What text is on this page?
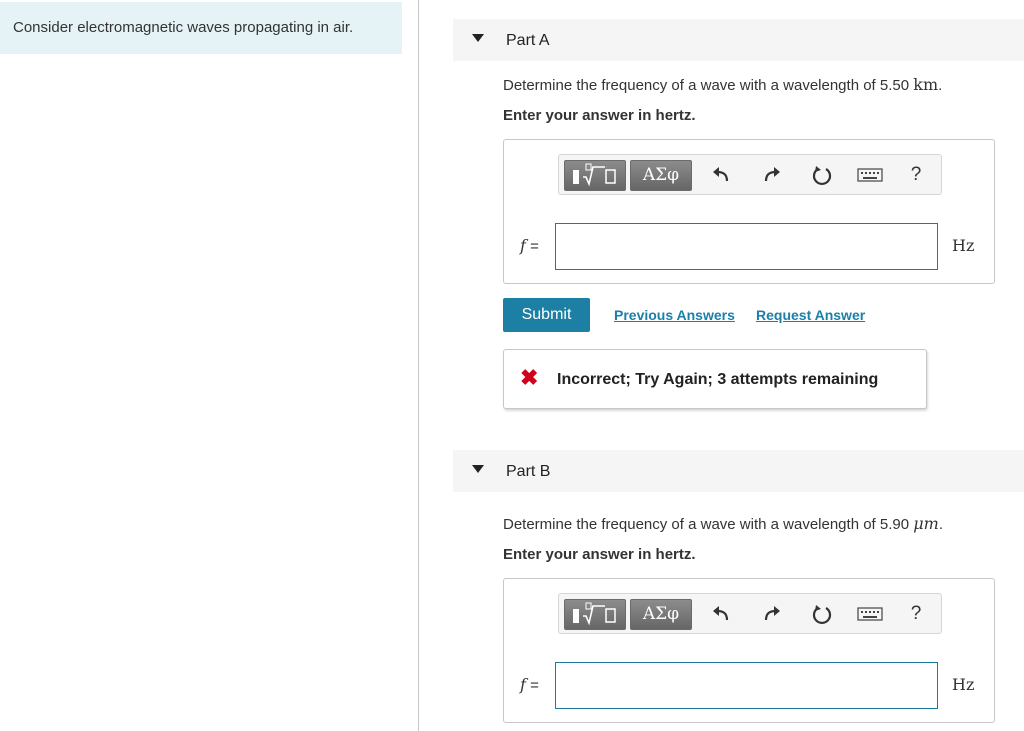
Consider electromagnetic waves propagating in air.
Part A
Determine the frequency of a wave with a wavelength of 5.50 km.
Enter your answer in hertz.
ΑΣφ	?
f =	Hz
Submit	Previous Answers Request Answer
✖ Incorrect; Try Again; 3 attempts remaining
Part B
Determine the frequency of a wave with a wavelength of 5.90 μm.
Enter your answer in hertz.
ΑΣφ	?
f =	Hz
